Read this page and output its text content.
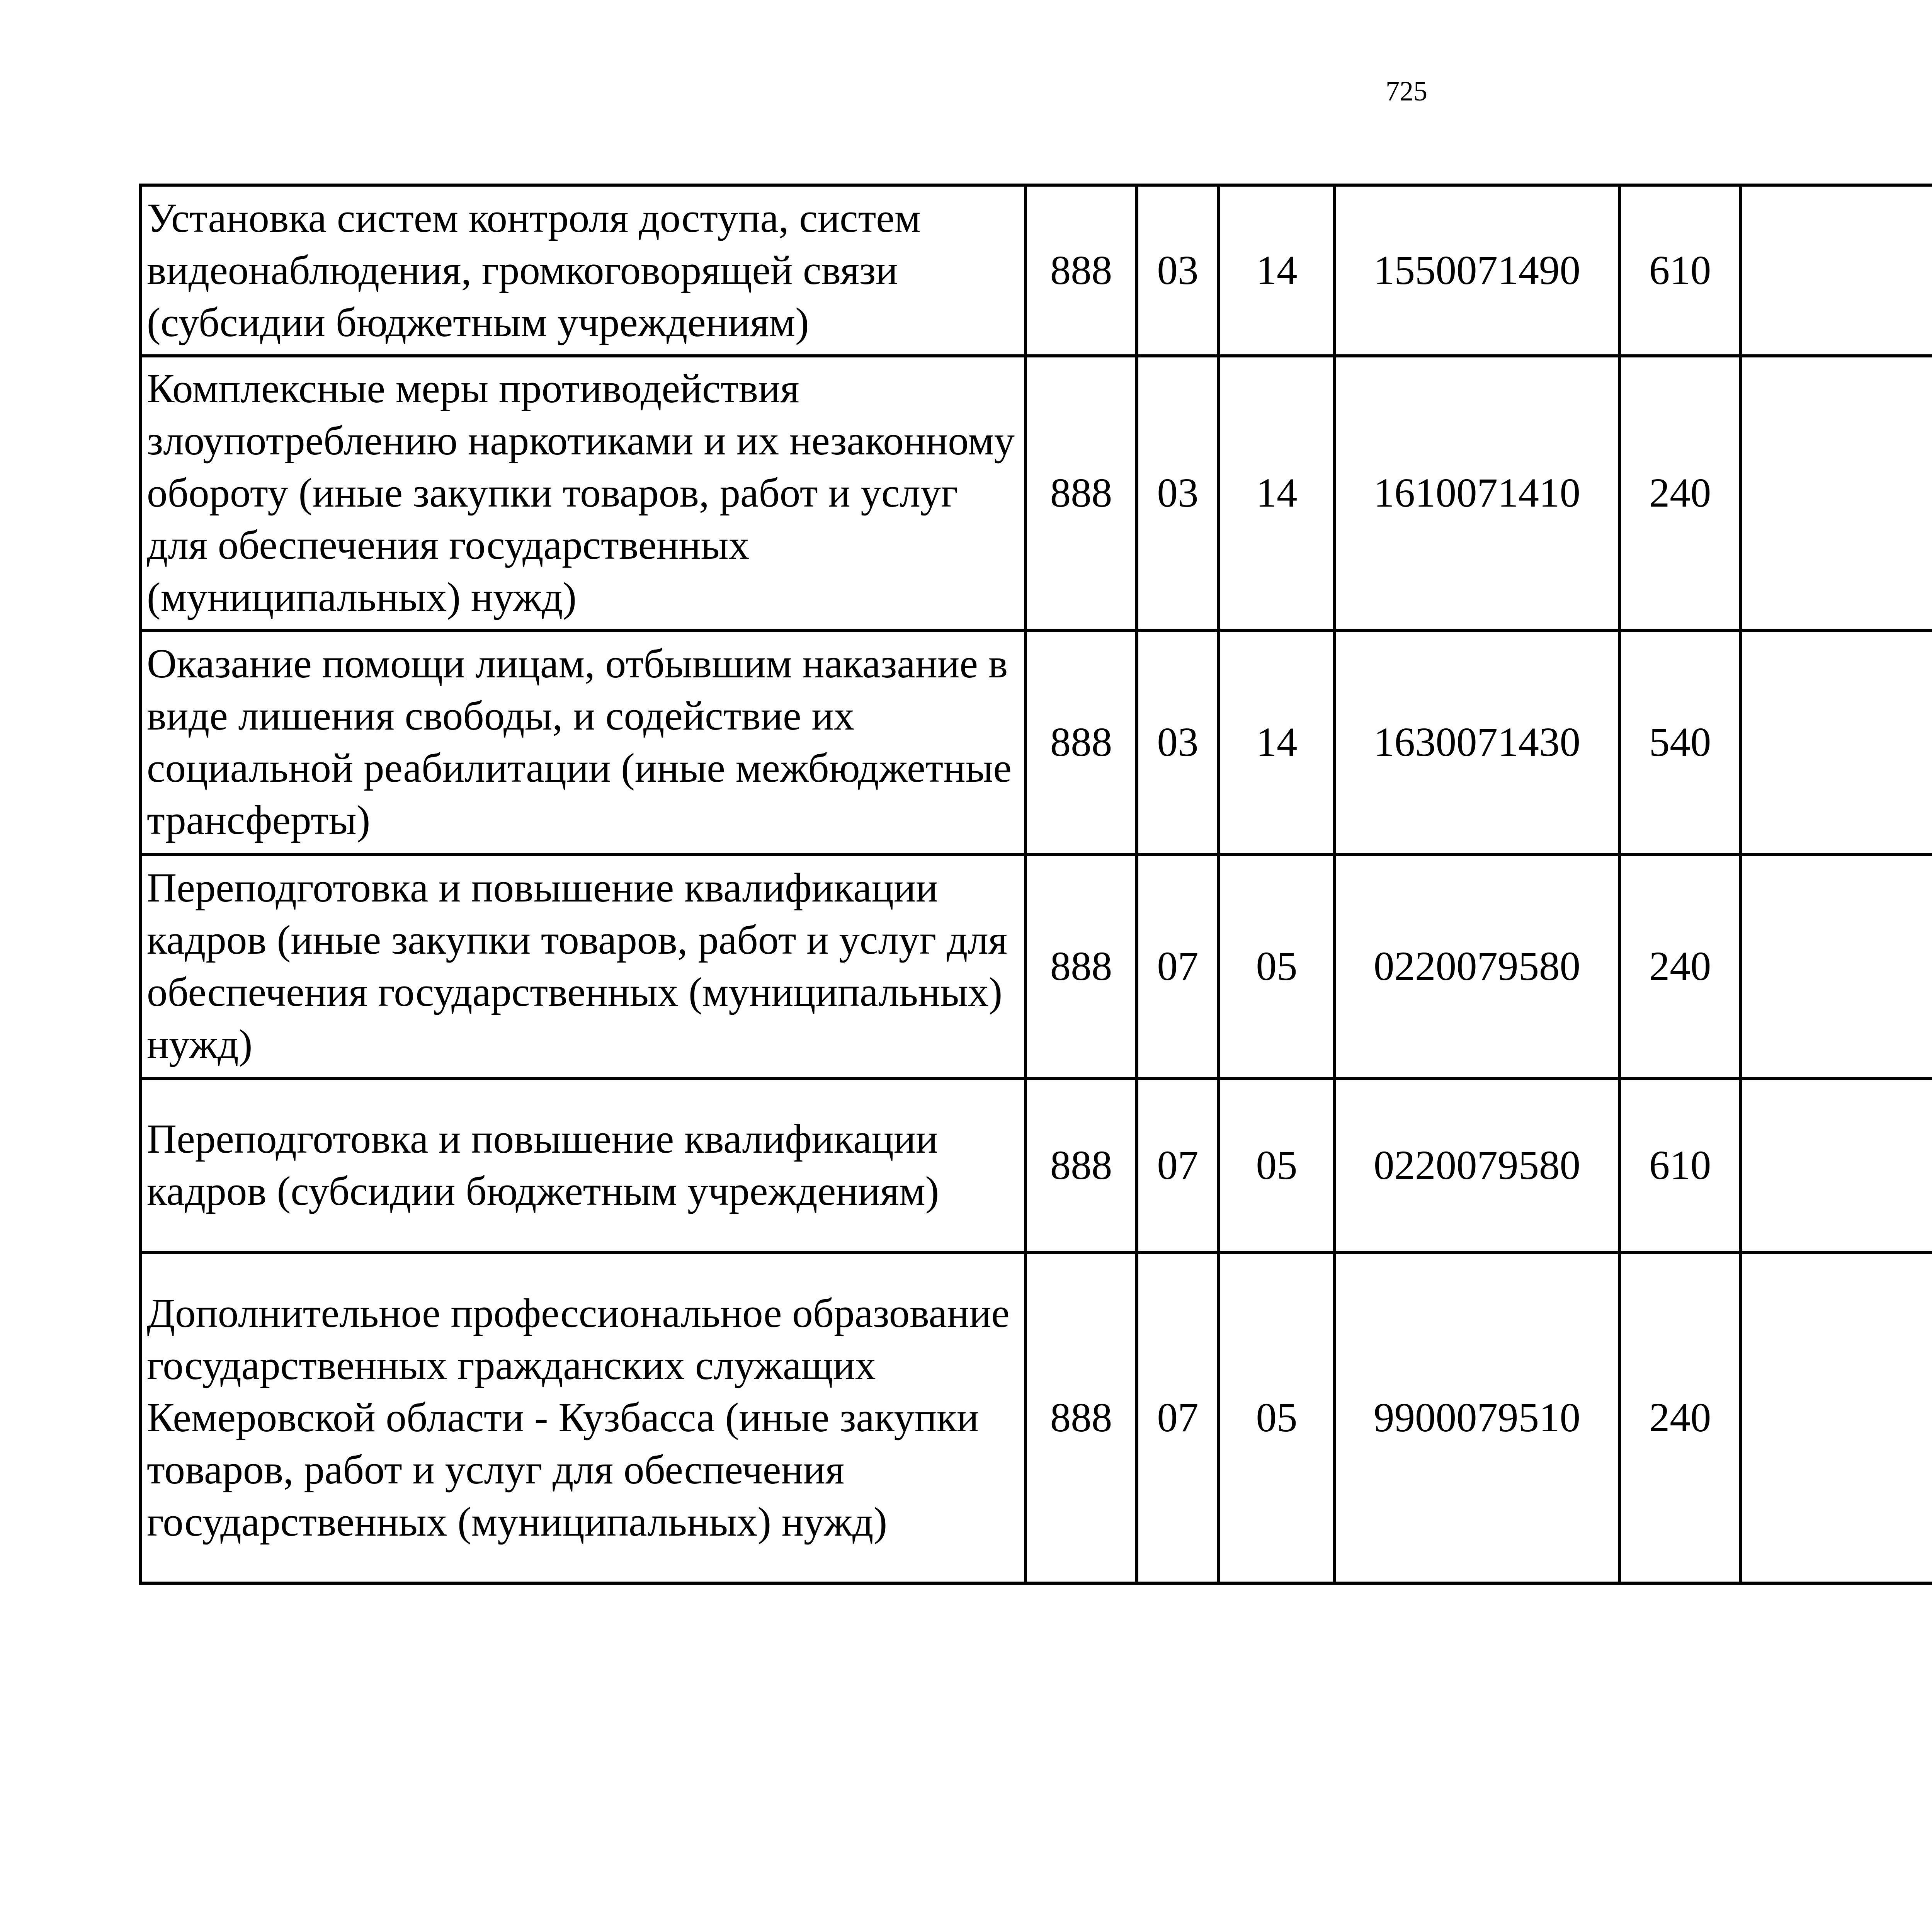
725
Установка систем контроля доступа, систем видеонаблюдения, громкоговорящей связи (субсидии бюджетным учреждениям)	888	03	14	1550071490	610			
Комплексные меры противодействия злоупотреблению наркотиками и их незаконному обороту (иные закупки товаров, работ и услуг для обеспечения государственных (муниципальных) нужд)	888	03	14	1610071410	240			
Оказание помощи лицам, отбывшим наказание в виде лишения свободы, и содействие их социальной реабилитации (иные межбюджетные трансферты)	888	03	14	1630071430	540			
Переподготовка и повышение квалификации кадров (иные закупки товаров, работ и услуг для обеспечения государственных (муниципальных) нужд)	888	07	05	0220079580	240			
Переподготовка и повышение квалификации кадров (субсидии бюджетным учреждениям)	888	07	05	0220079580	610			
Дополнительное профессиональное образование государственных гражданских служащих Кемеровской области - Кузбасса (иные закупки товаров, работ и услуг для обеспечения государственных (муниципальных) нужд)	888	07	05	9900079510	240			
